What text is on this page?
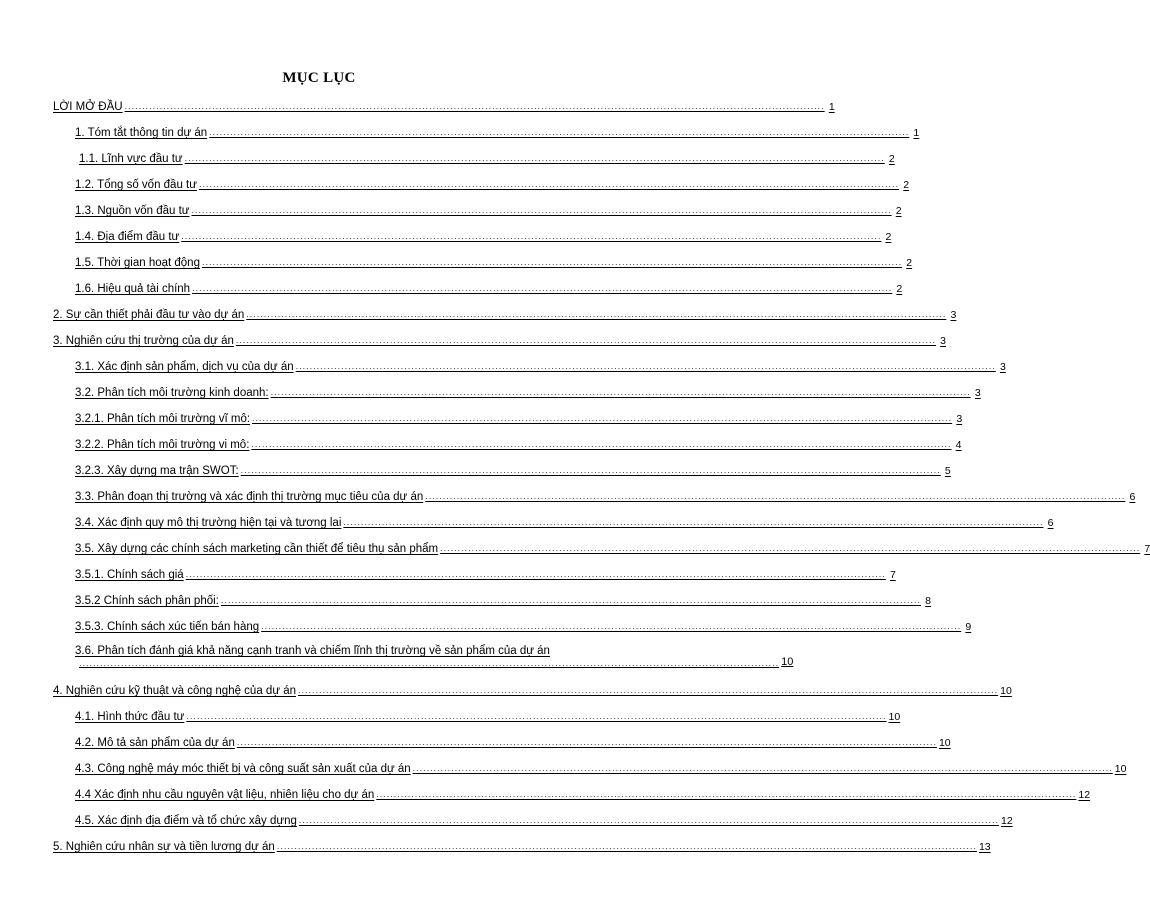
MỤC LỤC
LỜI MỞ ĐẦU ........................................................................................................................................................................................................ 1
1. Tóm tắt thông tin dự án ........................................................................................................................................................................................................ 1
1.1. Lĩnh vực đầu tư ........................................................................................................................................................................................................ 2
1.2. Tổng số vốn đầu tư ........................................................................................................................................................................................................ 2
1.3. Nguồn vốn đầu tư ........................................................................................................................................................................................................ 2
1.4. Địa điểm đầu tư ........................................................................................................................................................................................................ 2
1.5. Thời gian hoạt động ........................................................................................................................................................................................................ 2
1.6. Hiệu quả tài chính ........................................................................................................................................................................................................ 2
2. Sự cần thiết phải đầu tư vào dự án ........................................................................................................................................................................................................ 3
3. Nghiên cứu thị trường của dự án ........................................................................................................................................................................................................ 3
3.1. Xác định sản phẩm, dịch vụ của dự án ........................................................................................................................................................................................................ 3
3.2. Phân tích môi trường kinh doanh: ........................................................................................................................................................................................................ 3
3.2.1. Phân tích môi trường vĩ mô: ........................................................................................................................................................................................................ 3
3.2.2. Phân tích môi trường vi mô: ........................................................................................................................................................................................................ 4
3.2.3. Xây dựng ma trận SWOT: ........................................................................................................................................................................................................ 5
3.3. Phân đoạn thị trường và xác định thị trường mục tiêu của dự án ........................................................................................................................................................................................................ 6
3.4. Xác định quy mô thị trường hiện tại và tương lai ........................................................................................................................................................................................................ 6
3.5. Xây dựng các chính sách marketing cần thiết để tiêu thụ sản phẩm ........................................................................................................................................................................................................ 7
3.5.1. Chính sách giá ........................................................................................................................................................................................................ 7
3.5.2 Chính sách phân phối: ........................................................................................................................................................................................................ 8
3.5.3. Chính sách xúc tiến bán hàng ........................................................................................................................................................................................................ 9
3.6. Phân tích đánh giá khả năng cạnh tranh và chiếm lĩnh thị trường về sản phẩm của dự án
........................................................................................................................................................................................................ 10
4. Nghiên cứu kỹ thuật và công nghệ của dự án ........................................................................................................................................................................................................ 10
4.1. Hình thức đầu tư ........................................................................................................................................................................................................ 10
4.2. Mô tả sản phẩm của dự án ........................................................................................................................................................................................................ 10
4.3. Công nghệ máy móc thiết bị và công suất sản xuất của dự án ........................................................................................................................................................................................................ 10
4.4 Xác định nhu cầu nguyên vật liệu, nhiên liệu cho dự án ........................................................................................................................................................................................................ 12
4.5. Xác định địa điểm và tổ chức xây dựng ........................................................................................................................................................................................................ 12
5. Nghiên cứu nhân sự và tiền lương dự án ........................................................................................................................................................................................................ 13
